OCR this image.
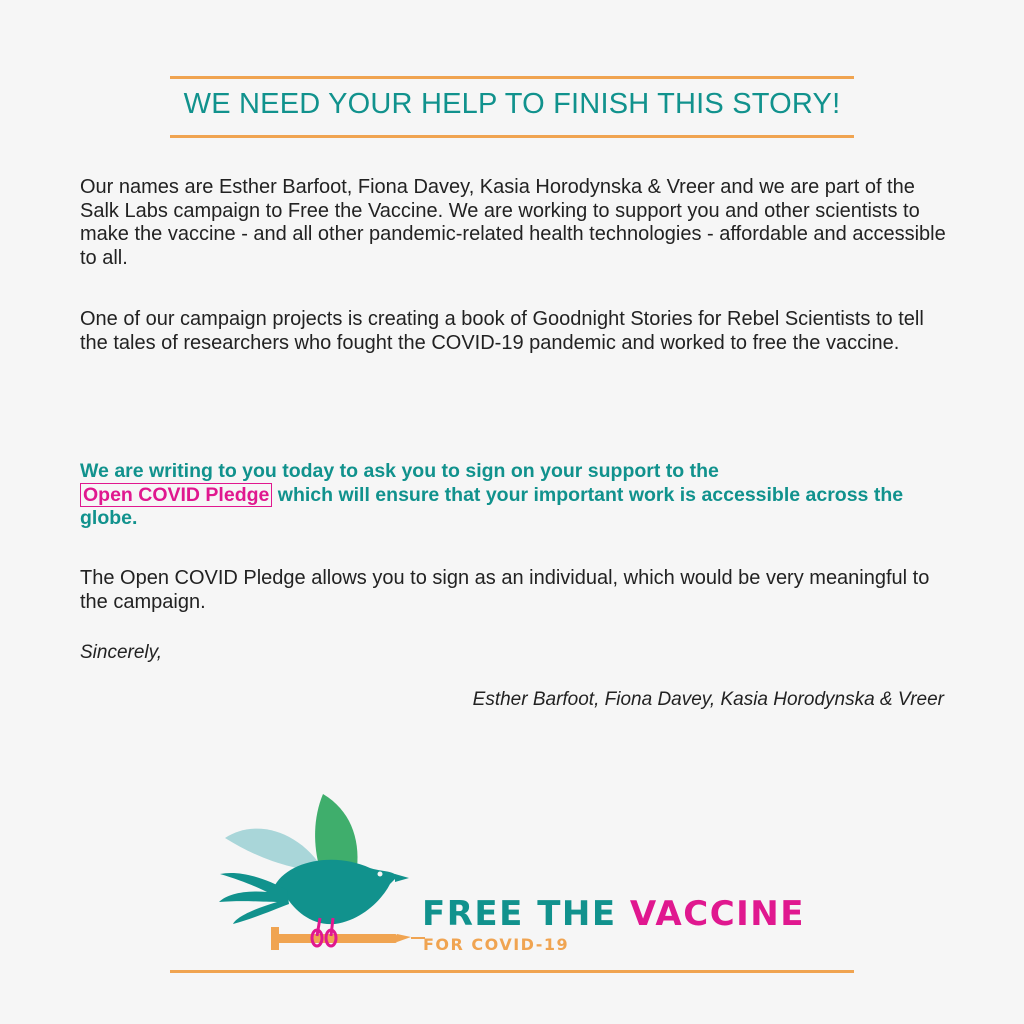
WE NEED YOUR HELP TO FINISH THIS STORY!

Our names are Esther Barfoot, Fiona Davey, Kasia Horodynska & Vreer and we are part of the Salk Labs campaign to Free the Vaccine. We are working to support you and other scientists to make the vaccine - and all other pandemic-related health technologies - affordable and accessible to all.

One of our campaign projects is creating a book of Goodnight Stories for Rebel Scientists to tell the tales of researchers who fought the COVID-19 pandemic and worked to free the vaccine.

We are writing to you today to ask you to sign on your support to the
Open COVID Pledge which will ensure that your important work is accessible across the globe.

The Open COVID Pledge allows you to sign as an individual, which would be very meaningful to the campaign.

Sincerely,
Esther Barfoot, Fiona Davey, Kasia Horodynska & Vreer
FREE THE VACCINE
FOR COVID-19
